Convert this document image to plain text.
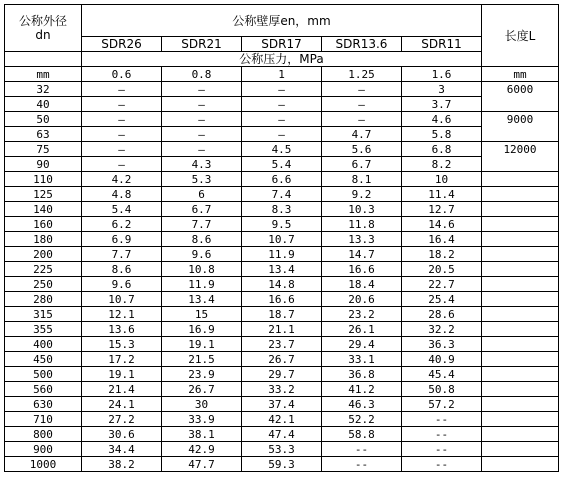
公称外径
dn	公称壁厚en，mm					长度L
	SDR26	SDR21	SDR17	SDR13.6	SDR11	
	公称压力，MPa					
mm	0.6	0.8	1	1.25	1.6	mm
32	—	—	—	—	3	6000
40	—	—	—	—	3.7	
50	—	—	—	—	4.6	9000
63	—	—	—	4.7	5.8	
75	—	—	4.5	5.6	6.8	12000
90	—	4.3	5.4	6.7	8.2	
110	4.2	5.3	6.6	8.1	10	
125	4.8	6	7.4	9.2	11.4	
140	5.4	6.7	8.3	10.3	12.7	
160	6.2	7.7	9.5	11.8	14.6	
180	6.9	8.6	10.7	13.3	16.4	
200	7.7	9.6	11.9	14.7	18.2	
225	8.6	10.8	13.4	16.6	20.5	
250	9.6	11.9	14.8	18.4	22.7	
280	10.7	13.4	16.6	20.6	25.4	
315	12.1	15	18.7	23.2	28.6	
355	13.6	16.9	21.1	26.1	32.2	
400	15.3	19.1	23.7	29.4	36.3	
450	17.2	21.5	26.7	33.1	40.9	
500	19.1	23.9	29.7	36.8	45.4	
560	21.4	26.7	33.2	41.2	50.8	
630	24.1	30	37.4	46.3	57.2	
710	27.2	33.9	42.1	52.2	--	
800	30.6	38.1	47.4	58.8	--	
900	34.4	42.9	53.3	--	--	
1000	38.2	47.7	59.3	--	--	
